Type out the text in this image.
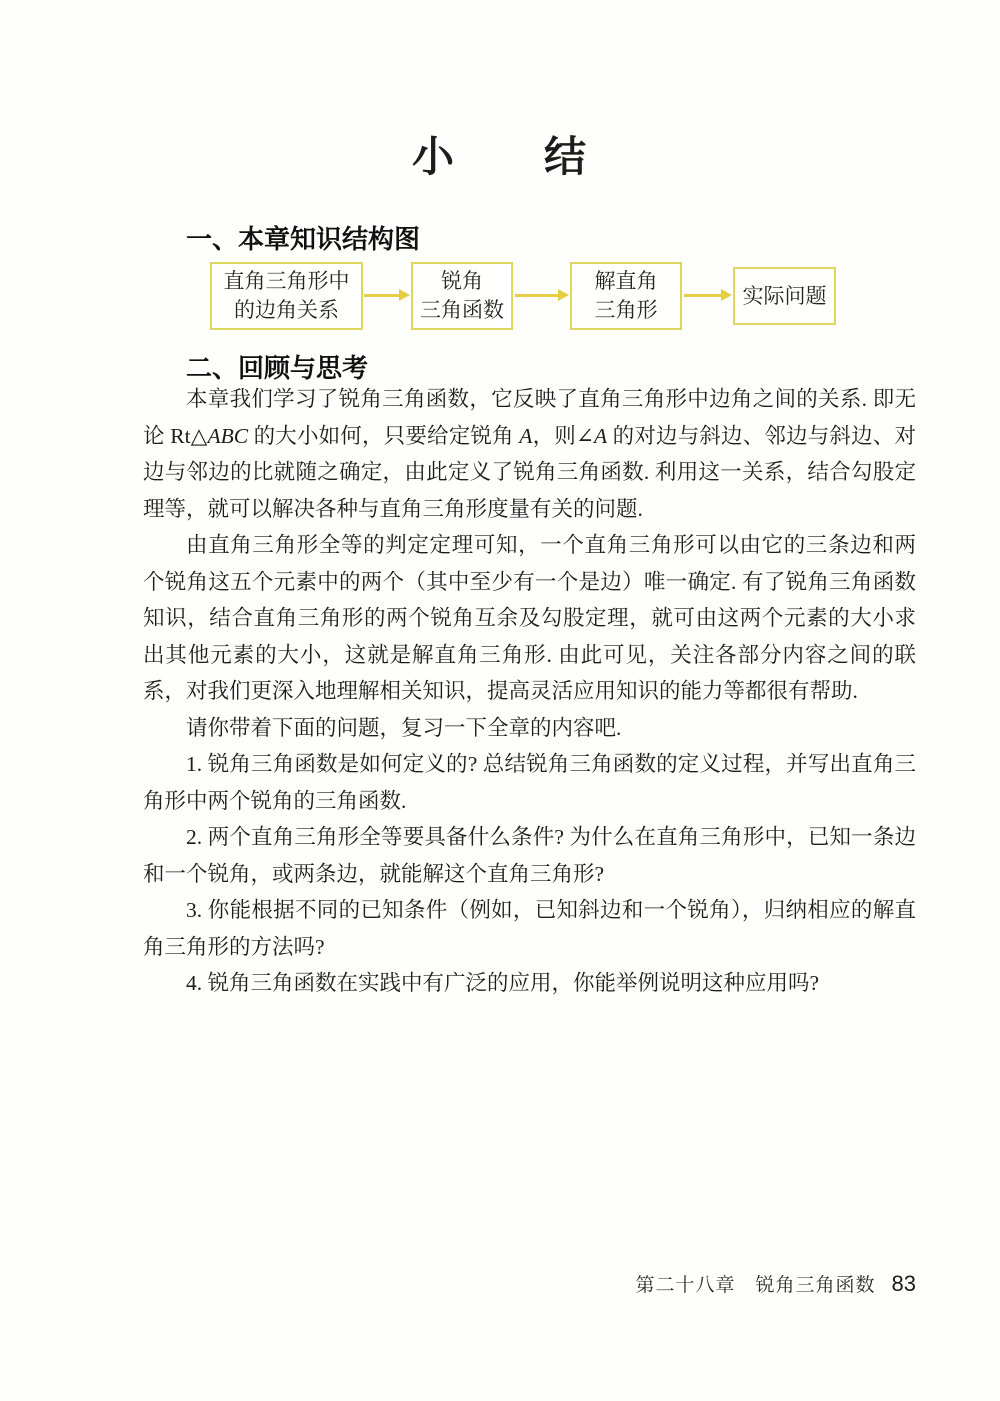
小　　结
一、本章知识结构图
直角三角形中
的边角关系
锐角
三角函数
解直角
三角形
实际问题
二、回顾与思考

本章我们学习了锐角三角函数，它反映了直角三角形中边角之间的关系. 即无论 Rt△ABC 的大小如何，只要给定锐角 A，则∠A 的对边与斜边、邻边与斜边、对边与邻边的比就随之确定，由此定义了锐角三角函数. 利用这一关系，结合勾股定理等，就可以解决各种与直角三角形度量有关的问题.

由直角三角形全等的判定定理可知，一个直角三角形可以由它的三条边和两个锐角这五个元素中的两个（其中至少有一个是边）唯一确定. 有了锐角三角函数知识，结合直角三角形的两个锐角互余及勾股定理，就可由这两个元素的大小求出其他元素的大小，这就是解直角三角形. 由此可见，关注各部分内容之间的联系，对我们更深入地理解相关知识，提高灵活应用知识的能力等都很有帮助.

请你带着下面的问题，复习一下全章的内容吧.

1. 锐角三角函数是如何定义的? 总结锐角三角函数的定义过程，并写出直角三角形中两个锐角的三角函数.

2. 两个直角三角形全等要具备什么条件? 为什么在直角三角形中，已知一条边和一个锐角，或两条边，就能解这个直角三角形?

3. 你能根据不同的已知条件（例如，已知斜边和一个锐角），归纳相应的解直角三角形的方法吗?

4. 锐角三角函数在实践中有广泛的应用，你能举例说明这种应用吗?

第二十八章　锐角三角函数 83
